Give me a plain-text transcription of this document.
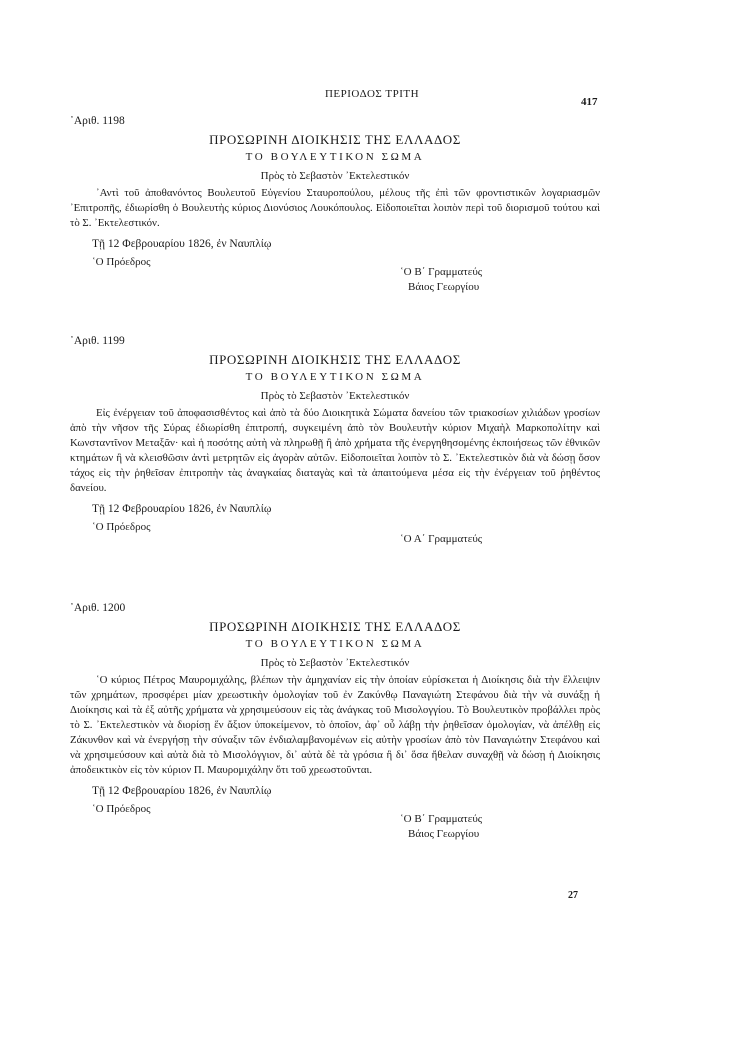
ΠΕΡΙΟΔΟΣ ΤΡΙΤΗ
417

᾿Αριθ. 1198

ΠΡΟΣΩΡΙΝΗ ΔΙΟΙΚΗΣΙΣ ΤΗΣ ΕΛΛΑΔΟΣ

ΤΟ ΒΟΥΛΕΥΤΙΚΟΝ ΣΩΜΑ

Πρὸς τὸ Σεβαστὸν ᾿Εκτελεστικόν

᾿Αντὶ τοῦ ἀποθανόντος Βουλευτοῦ Εὐγενίου Σταυροπούλου, μέλους τῆς ἐπὶ τῶν φροντιστικῶν λογαριασμῶν ᾿Επιτροπῆς, ἐδιωρίσθη ὁ Βουλευτὴς κύριος Διονύσιος Λουκόπουλος. Εἰδοποιεῖται λοιπὸν περὶ τοῦ διορισμοῦ τούτου καὶ τὸ Σ. ᾿Εκτελεστικόν.

Τῇ 12 Φεβρουαρίου 1826, ἐν Ναυπλίῳ

῾Ο Πρόεδρος
῾Ο Β΄ Γραμματεύς
Βάιος Γεωργίου

᾿Αριθ. 1199

ΠΡΟΣΩΡΙΝΗ ΔΙΟΙΚΗΣΙΣ ΤΗΣ ΕΛΛΑΔΟΣ

ΤΟ ΒΟΥΛΕΥΤΙΚΟΝ ΣΩΜΑ

Πρὸς τὸ Σεβαστὸν ᾿Εκτελεστικόν

Εἰς ἐνέργειαν τοῦ ἀποφασισθέντος καὶ ἀπὸ τὰ δύο Διοικητικὰ Σώματα δανείου τῶν τριακοσίων χιλιάδων γροσίων ἀπὸ τὴν νῆσον τῆς Σύρας ἐδιωρίσθη ἐπιτροπή, συγκειμένη ἀπὸ τὸν Βουλευτὴν κύριον Μιχαὴλ Μαρκοπολίτην καὶ Κωνσταντῖνον Μεταξᾶν· καὶ ἡ ποσότης αὐτὴ νὰ πληρωθῇ ἢ ἀπὸ χρήματα τῆς ἐνεργηθησομένης ἐκποιήσεως τῶν ἐθνικῶν κτημάτων ἢ νὰ κλεισθῶσιν ἀντὶ μετρητῶν εἰς ἀγορὰν αὐτῶν. Εἰδοποιεῖται λοιπὸν τὸ Σ. ᾿Εκτελεστικὸν διὰ νὰ δώσῃ ὅσον τάχος εἰς τὴν ῥηθεῖσαν ἐπιτροπὴν τὰς ἀναγκαίας διαταγὰς καὶ τὰ ἀπαιτούμενα μέσα εἰς τὴν ἐνέργειαν τοῦ ῥηθέντος δανείου.

Τῇ 12 Φεβρουαρίου 1826, ἐν Ναυπλίῳ

῾Ο Πρόεδρος
῾Ο Α΄ Γραμματεύς

᾿Αριθ. 1200

ΠΡΟΣΩΡΙΝΗ ΔΙΟΙΚΗΣΙΣ ΤΗΣ ΕΛΛΑΔΟΣ

ΤΟ ΒΟΥΛΕΥΤΙΚΟΝ ΣΩΜΑ

Πρὸς τὸ Σεβαστὸν ᾿Εκτελεστικόν

῾Ο κύριος Πέτρος Μαυρομιχάλης, βλέπων τὴν ἀμηχανίαν εἰς τὴν ὁποίαν εὑρίσκεται ἡ Διοίκησις διὰ τὴν ἔλλειψιν τῶν χρημάτων, προσφέρει μίαν χρεωστικὴν ὁμολογίαν τοῦ ἐν Ζακύνθῳ Παναγιώτη Στεφάνου διὰ τὴν νὰ συνάξῃ ἡ Διοίκησις καὶ τὰ ἐξ αὐτῆς χρήματα νὰ χρησιμεύσουν εἰς τὰς ἀνάγκας τοῦ Μισολογγίου. Τὸ Βουλευτικὸν προβάλλει πρὸς τὸ Σ. ᾿Εκτελεστικὸν νὰ διορίσῃ ἕν ἄξιον ὑποκείμενον, τὸ ὁποῖον, ἀφ᾿ οὗ λάβῃ τὴν ῥηθεῖσαν ὁμολογίαν, νὰ ἀπέλθῃ εἰς Ζάκυνθον καὶ νὰ ἐνεργήσῃ τὴν σύναξιν τῶν ἐνδιαλαμβανομένων εἰς αὐτὴν γροσίων ἀπὸ τὸν Παναγιώτην Στεφάνου καὶ νὰ χρησιμεύσουν καὶ αὐτὰ διὰ τὸ Μισολόγγιον, δι᾿ αὐτὰ δὲ τὰ γρόσια ἢ δι᾿ ὅσα ἤθελαν συναχθῇ νὰ δώσῃ ἡ Διοίκησις ἀποδεικτικὸν εἰς τὸν κύριον Π. Μαυρομιχάλην ὅτι τοῦ χρεωστοῦνται.

Τῇ 12 Φεβρουαρίου 1826, ἐν Ναυπλίῳ

῾Ο Πρόεδρος
῾Ο Β΄ Γραμματεύς
Βάιος Γεωργίου
27
